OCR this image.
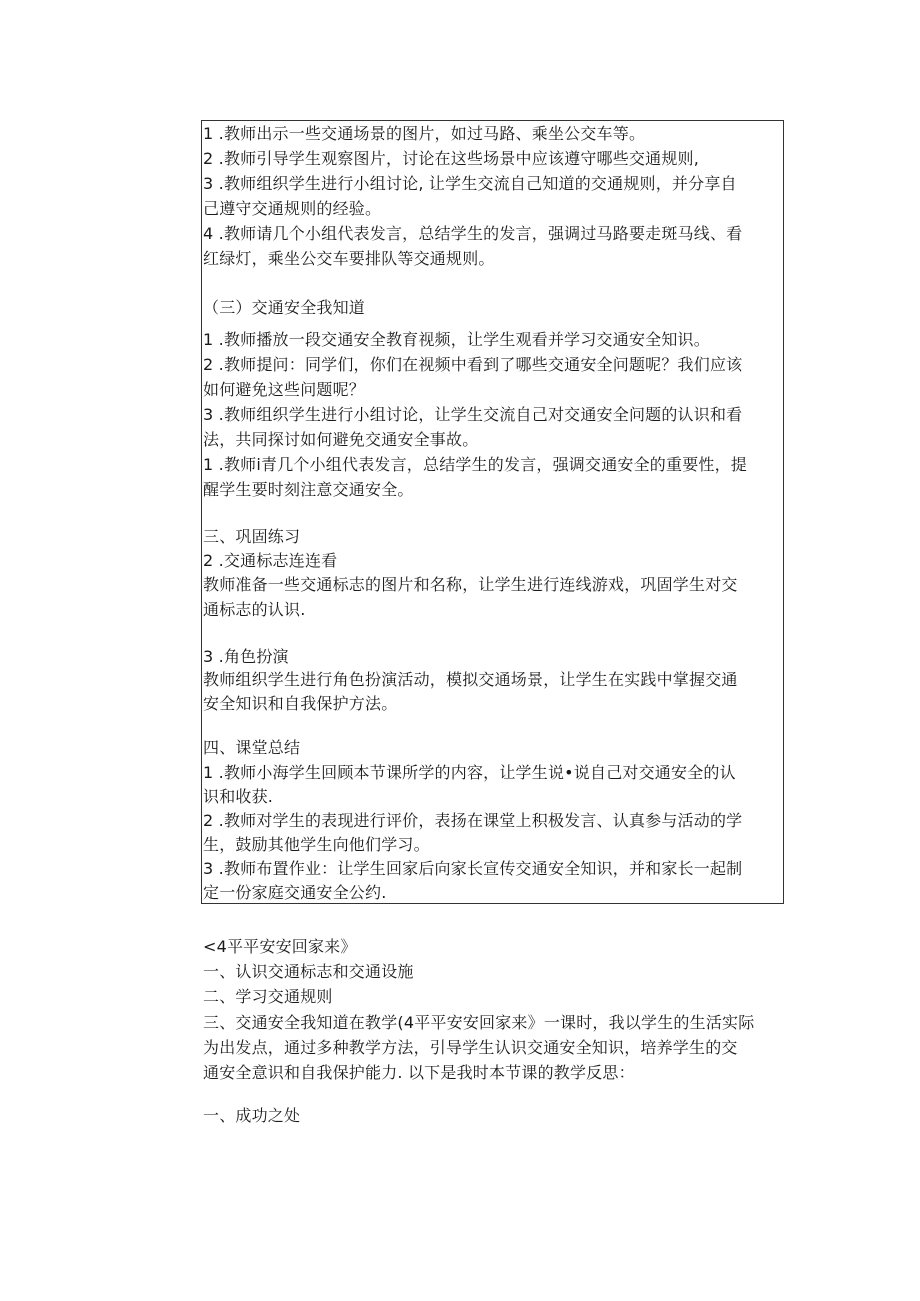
1 .教师出示一些交通场景的图片，如过马路、乘坐公交车等。
2 .教师引导学生观察图片，讨论在这些场景中应该遵守哪些交通规则,
3 .教师组织学生进行小组讨论, 让学生交流自己知道的交通规则，并分享自
己遵守交通规则的经验。
4 .教师请几个小组代表发言，总结学生的发言，强调过马路要走斑马线、看
红绿灯，乘坐公交车要排队等交通规则。
（三）交通安全我知道
1 .教师播放一段交通安全教育视频，让学生观看并学习交通安全知识。
2 .教师提问：同学们，你们在视频中看到了哪些交通安全问题呢？我们应该
如何避免这些问题呢？
3 .教师组织学生进行小组讨论，让学生交流自己对交通安全问题的认识和看
法，共同探讨如何避免交通安全事故。
1 .教师i青几个小组代表发言，总结学生的发言，强调交通安全的重要性，提
醒学生要时刻注意交通安全。
三、巩固练习
2 .交通标志连连看
教师准备一些交通标志的图片和名称，让学生进行连线游戏，巩固学生对交
通标志的认识.
3 .角色扮演
教师组织学生进行角色扮演活动，模拟交通场景，让学生在实践中掌握交通
安全知识和自我保护方法。
四、课堂总结
1 .教师小海学生回顾本节课所学的内容，让学生说•说自己对交通安全的认
识和收获.
2 .教师对学生的表现进行评价，表扬在课堂上积极发言、认真参与活动的学
生，鼓励其他学生向他们学习。
3 .教师布置作业：让学生回家后向家长宣传交通安全知识，并和家长一起制
定一份家庭交通安全公约.
<4平平安安回家来》
一、认识交通标志和交通设施
二、学习交通规则
三、交通安全我知道在教学(4平平安安回家来》一课时，我以学生的生活实际
为出发点，通过多种教学方法，引导学生认识交通安全知识，培养学生的交
通安全意识和自我保护能力. 以下是我时本节课的教学反思：
一、成功之处
